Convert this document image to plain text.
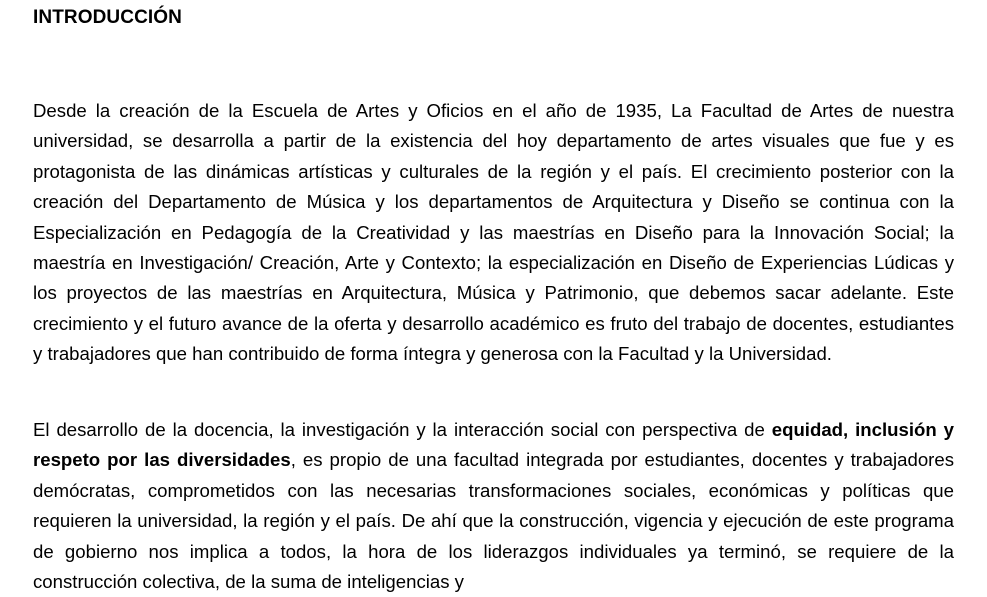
INTRODUCCIÓN

Desde la creación de la Escuela de Artes y Oficios en el año de 1935, La Facultad de Artes de nuestra universidad, se desarrolla a partir de la existencia del hoy departamento de artes visuales que fue y es protagonista de las dinámicas artísticas y culturales de la región y el país. El crecimiento posterior con la creación del Departamento de Música y los departamentos de Arquitectura y Diseño se continua con la Especialización en Pedagogía de la Creatividad y las maestrías en Diseño para la Innovación Social; la maestría en Investigación/ Creación, Arte y Contexto; la especialización en Diseño de Experiencias Lúdicas y los proyectos de las maestrías en Arquitectura, Música y Patrimonio, que debemos sacar adelante. Este crecimiento y el futuro avance de la oferta y desarrollo académico es fruto del trabajo de docentes, estudiantes y trabajadores que han contribuido de forma íntegra y generosa con la Facultad y la Universidad.

El desarrollo de la docencia, la investigación y la interacción social con perspectiva de equidad, inclusión y respeto por las diversidades, es propio de una facultad integrada por estudiantes, docentes y trabajadores demócratas, comprometidos con las necesarias transformaciones sociales, económicas y políticas que requieren la universidad, la región y el país. De ahí que la construcción, vigencia y ejecución de este programa de gobierno nos implica a todos, la hora de los liderazgos individuales ya terminó, se requiere de la construcción colectiva, de la suma de inteligencias y
